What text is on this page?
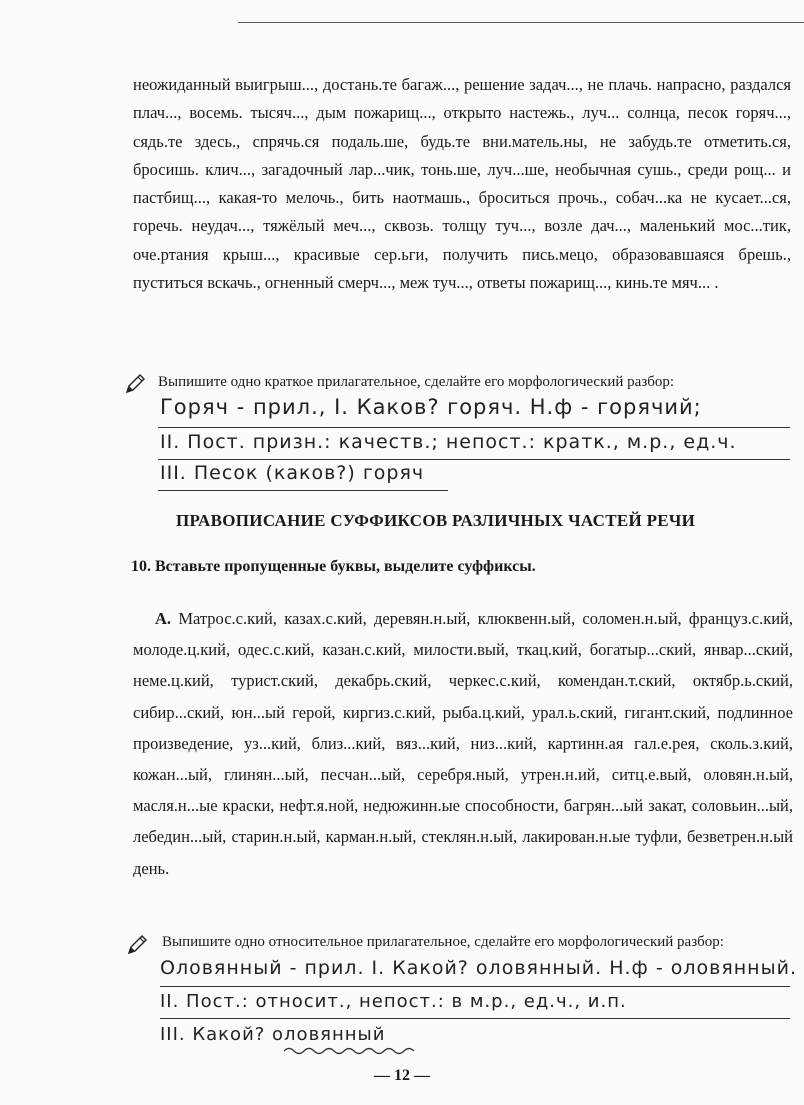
неожиданный выигрыш..., достань.те багаж..., решение задач..., не плачь. напрасно, раздался плач..., восемь. тысяч..., дым пожарищ..., открыто настежь., луч... солнца, песок горяч..., сядь.те здесь., спрячь.ся подаль.ше, будь.те вни.матель.ны, не забудь.те отметить.ся, бросишь. клич..., загадочный лар...чик, тонь.ше, луч...ше, необычная сушь., среди рощ... и пастбищ..., какая-то мелочь., бить наотмашь., броситься прочь., собач...ка не кусает...ся, горечь. неудач..., тяжёлый меч..., сквозь. толщу туч..., возле дач..., маленький мос...тик, оче.ртания крыш..., красивые сер.ьги, получить пись.мецо, образовавшаяся брешь., пуститься вскачь., огненный смерч..., меж туч..., ответы пожарищ..., кинь.те мяч... .
Выпишите одно краткое прилагательное, сделайте его морфологический разбор:
Горяч - прил., I. Каков? горяч. Н.ф - горячий;
II. Пост. призн.: качеств.; непост.: кратк., м.р., ед.ч.
III. Песок (каков?) горяч
ПРАВОПИСАНИЕ СУФФИКСОВ РАЗЛИЧНЫХ ЧАСТЕЙ РЕЧИ
10. Вставьте пропущенные буквы, выделите суффиксы.
А. Матрос.с.кий, казах.с.кий, деревян.н.ый, клюквенн.ый, соломен.н.ый, француз.с.кий, молоде.ц.кий, одес.с.кий, казан.с.кий, милости.вый, ткац.кий, богатыр...ский, январ...ский, неме.ц.кий, турист.ский, декабрь.ский, черкес.с.кий, комендан.т.ский, октябр.ь.ский, сибир...ский, юн...ый герой, киргиз.с.кий, рыба.ц.кий, урал.ь.ский, гигант.ский, подлинное произведение, уз...кий, близ...кий, вяз...кий, низ...кий, картинн.ая гал.е.рея, сколь.з.кий, кожан...ый, глинян...ый, песчан...ый, серебря.ный, утрен.н.ий, ситц.е.вый, оловян.н.ый, масля.н...ые краски, нефт.я.ной, недюжинн.ые способности, багрян...ый закат, соловьин...ый, лебедин...ый, старин.н.ый, карман.н.ый, стеклян.н.ый, лакирован.н.ые туфли, безветрен.н.ый день.
Выпишите одно относительное прилагательное, сделайте его морфологический разбор:
Оловянный - прил. I. Какой? оловянный. Н.ф - оловянный.
II. Пост.: относит., непост.: в м.р., ед.ч., и.п.
III. Какой? оловянный
— 12 —
